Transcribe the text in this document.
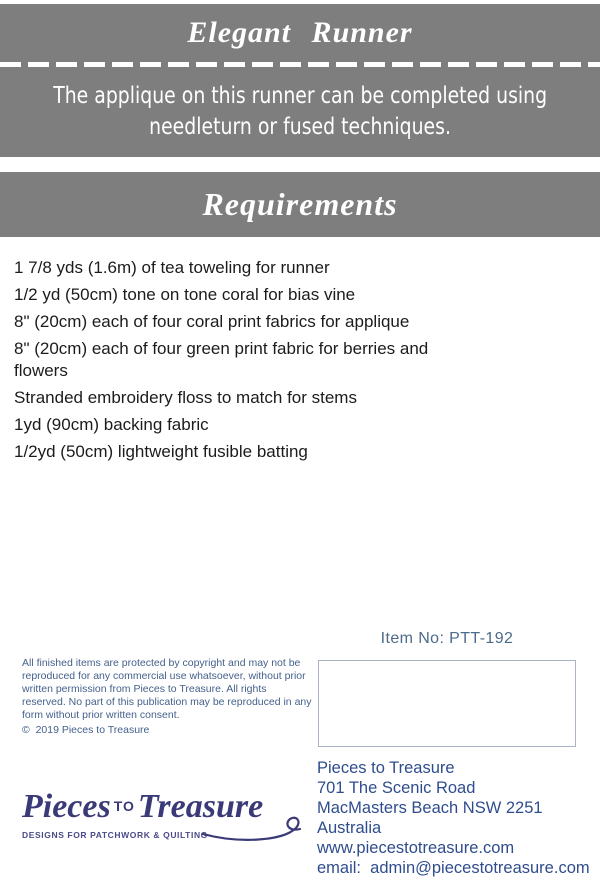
Elegant Runner
The applique on this runner can be completed using
needleturn or fused techniques.
Requirements
1 7/8 yds (1.6m) of tea toweling for runner
1/2 yd (50cm) tone on tone coral for bias vine
8" (20cm) each of four coral print fabrics for applique
8" (20cm) each of four green print fabric for berries and flowers
Stranded embroidery floss to match for stems
1yd (90cm) backing fabric
1/2yd (50cm) lightweight fusible batting
Item No: PTT-192
All finished items are protected by copyright and may not be reproduced for any commercial use whatsoever, without prior written permission from Pieces to Treasure. All rights reserved. No part of this publication may be reproduced in any form without prior written consent.
©  2019 Pieces to Treasure
Pieces TOTreasure
DESIGNS FOR PATCHWORK & QUILTING
Pieces to Treasure
701 The Scenic Road
MacMasters Beach NSW 2251
Australia
www.piecestotreasure.com
email:  admin@piecestotreasure.com
